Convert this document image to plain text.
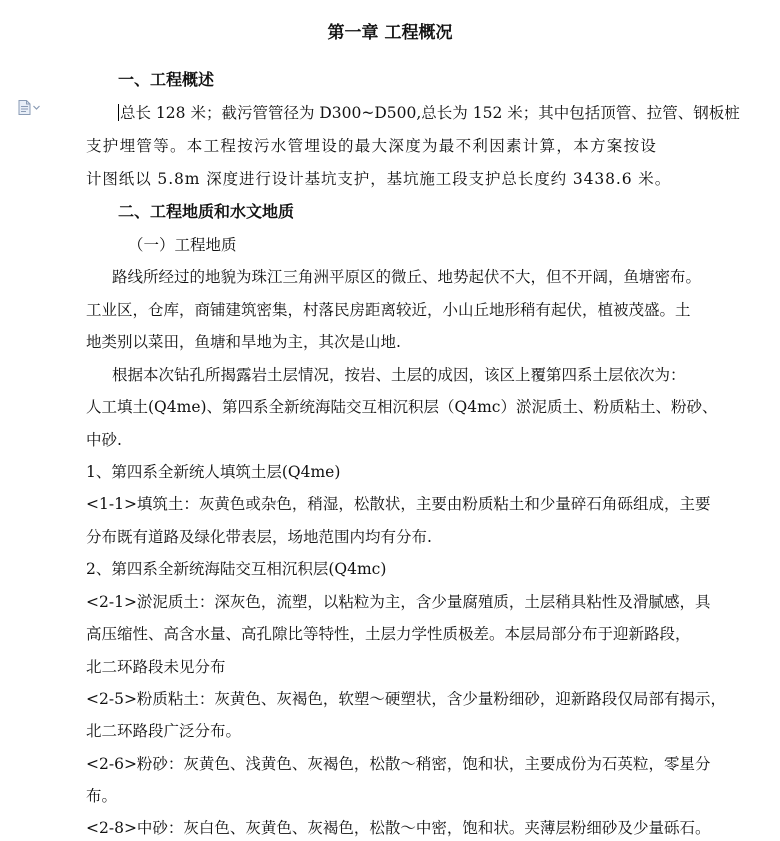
第一章 工程概况
一、工程概述
总长 128 米；截污管管径为 D300~D500,总长为 152 米；其中包括顶管、拉管、钢板桩
支护埋管等。本工程按污水管埋设的最大深度为最不利因素计算，本方案按设
计图纸以 5.8m 深度进行设计基坑支护，基坑施工段支护总长度约 3438.6 米。
二、工程地质和水文地质
（一）工程地质
路线所经过的地貌为珠江三角洲平原区的微丘、地势起伏不大，但不开阔，鱼塘密布。
工业区，仓库，商铺建筑密集，村落民房距离较近，小山丘地形稍有起伏，植被茂盛。土
地类别以菜田，鱼塘和旱地为主，其次是山地.
根据本次钻孔所揭露岩土层情况，按岩、土层的成因，该区上覆第四系土层依次为：
人工填土(Q4me)、第四系全新统海陆交互相沉积层（Q4mc）淤泥质土、粉质粘土、粉砂、
中砂.
1、第四系全新统人填筑土层(Q4me)
<1-1>填筑土：灰黄色或杂色，稍湿，松散状，主要由粉质粘土和少量碎石角砾组成，主要
分布既有道路及绿化带表层，场地范围内均有分布.
2、第四系全新统海陆交互相沉积层(Q4mc)
<2-1>淤泥质土：深灰色，流塑，以粘粒为主，含少量腐殖质，土层稍具粘性及滑腻感，具
高压缩性、高含水量、高孔隙比等特性，土层力学性质极差。本层局部分布于迎新路段，
北二环路段未见分布
<2-5>粉质粘土：灰黄色、灰褐色，软塑～硬塑状，含少量粉细砂，迎新路段仅局部有揭示，
北二环路段广泛分布。
<2-6>粉砂：灰黄色、浅黄色、灰褐色，松散～稍密，饱和状，主要成份为石英粒，零星分
布。
<2-8>中砂：灰白色、灰黄色、灰褐色，松散～中密，饱和状。夹薄层粉细砂及少量砾石。
